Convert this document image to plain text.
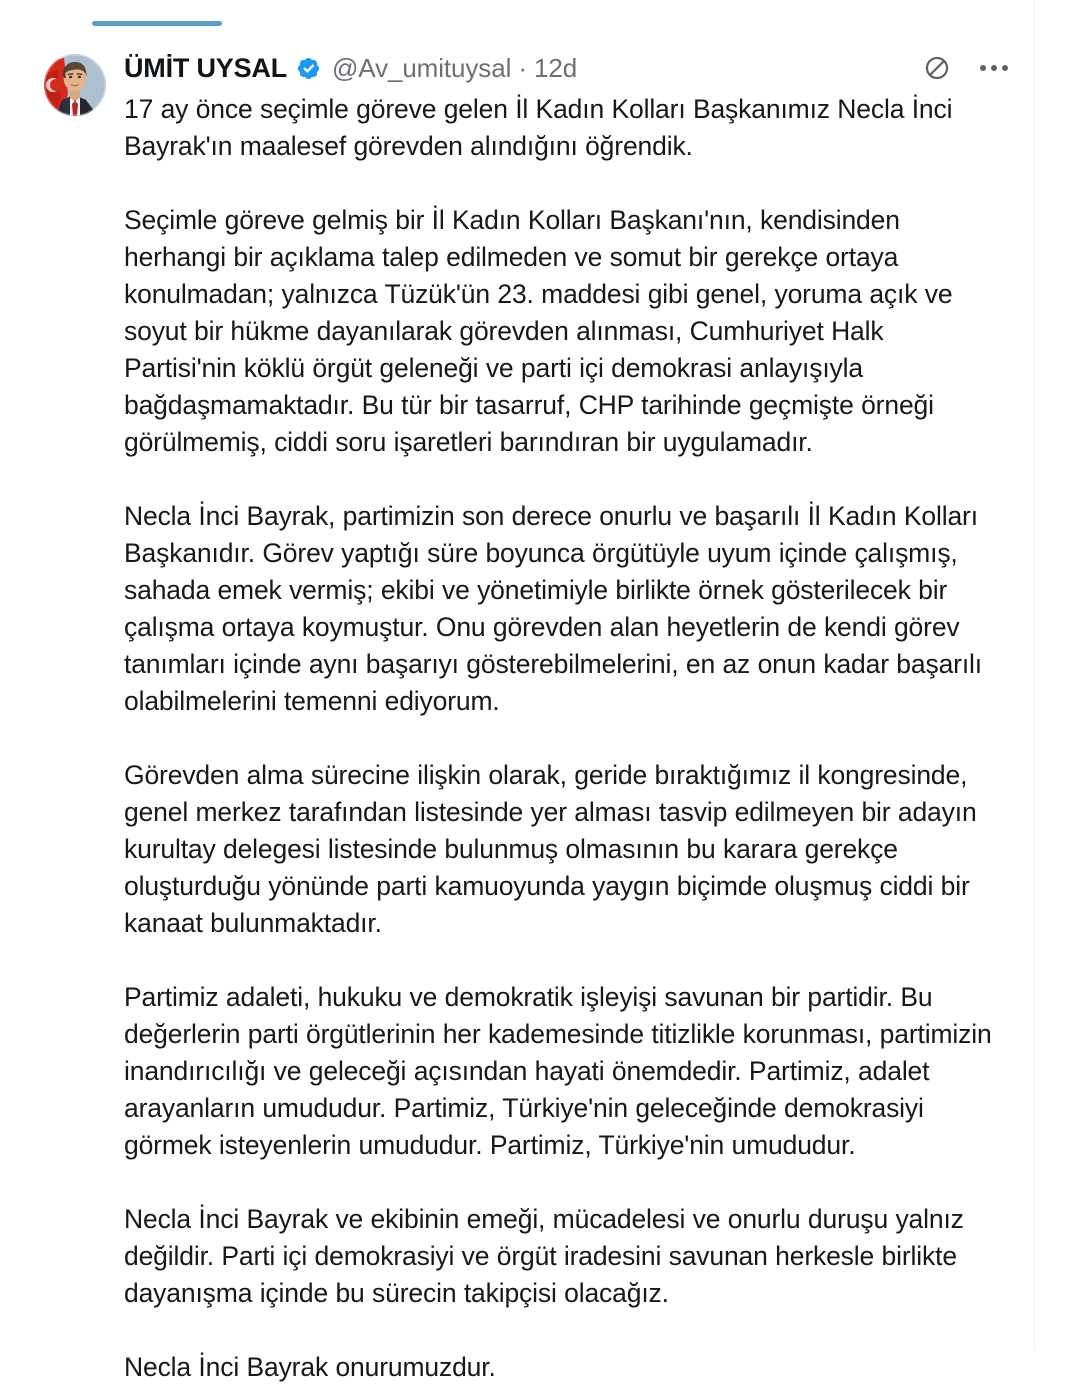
ÜMİT UYSAL @Av_umituysal · 12d

17 ay önce seçimle göreve gelen İl Kadın Kolları Başkanımız Necla İnci Bayrak'ın maalesef görevden alındığını öğrendik.

Seçimle göreve gelmiş bir İl Kadın Kolları Başkanı'nın, kendisinden herhangi bir açıklama talep edilmeden ve somut bir gerekçe ortaya konulmadan; yalnızca Tüzük'ün 23. maddesi gibi genel, yoruma açık ve soyut bir hükme dayanılarak görevden alınması, Cumhuriyet Halk Partisi'nin köklü örgüt geleneği ve parti içi demokrasi anlayışıyla bağdaşmamaktadır. Bu tür bir tasarruf, CHP tarihinde geçmişte örneği görülmemiş, ciddi soru işaretleri barındıran bir uygulamadır.

Necla İnci Bayrak, partimizin son derece onurlu ve başarılı İl Kadın Kolları Başkanıdır. Görev yaptığı süre boyunca örgütüyle uyum içinde çalışmış, sahada emek vermiş; ekibi ve yönetimiyle birlikte örnek gösterilecek bir çalışma ortaya koymuştur. Onu görevden alan heyetlerin de kendi görev tanımları içinde aynı başarıyı gösterebilmelerini, en az onun kadar başarılı olabilmelerini temenni ediyorum.

Görevden alma sürecine ilişkin olarak, geride bıraktığımız il kongresinde, genel merkez tarafından listesinde yer alması tasvip edilmeyen bir adayın kurultay delegesi listesinde bulunmuş olmasının bu karara gerekçe oluşturduğu yönünde parti kamuoyunda yaygın biçimde oluşmuş ciddi bir kanaat bulunmaktadır.

Partimiz adaleti, hukuku ve demokratik işleyişi savunan bir partidir. Bu değerlerin parti örgütlerinin her kademesinde titizlikle korunması, partimizin inandırıcılığı ve geleceği açısından hayati önemdedir. Partimiz, adalet arayanların umududur. Partimiz, Türkiye'nin geleceğinde demokrasiyi görmek isteyenlerin umududur. Partimiz, Türkiye'nin umududur.

Necla İnci Bayrak ve ekibinin emeği, mücadelesi ve onurlu duruşu yalnız değildir. Parti içi demokrasiyi ve örgüt iradesini savunan herkesle birlikte dayanışma içinde bu sürecin takipçisi olacağız.

Necla İnci Bayrak onurumuzdur.
